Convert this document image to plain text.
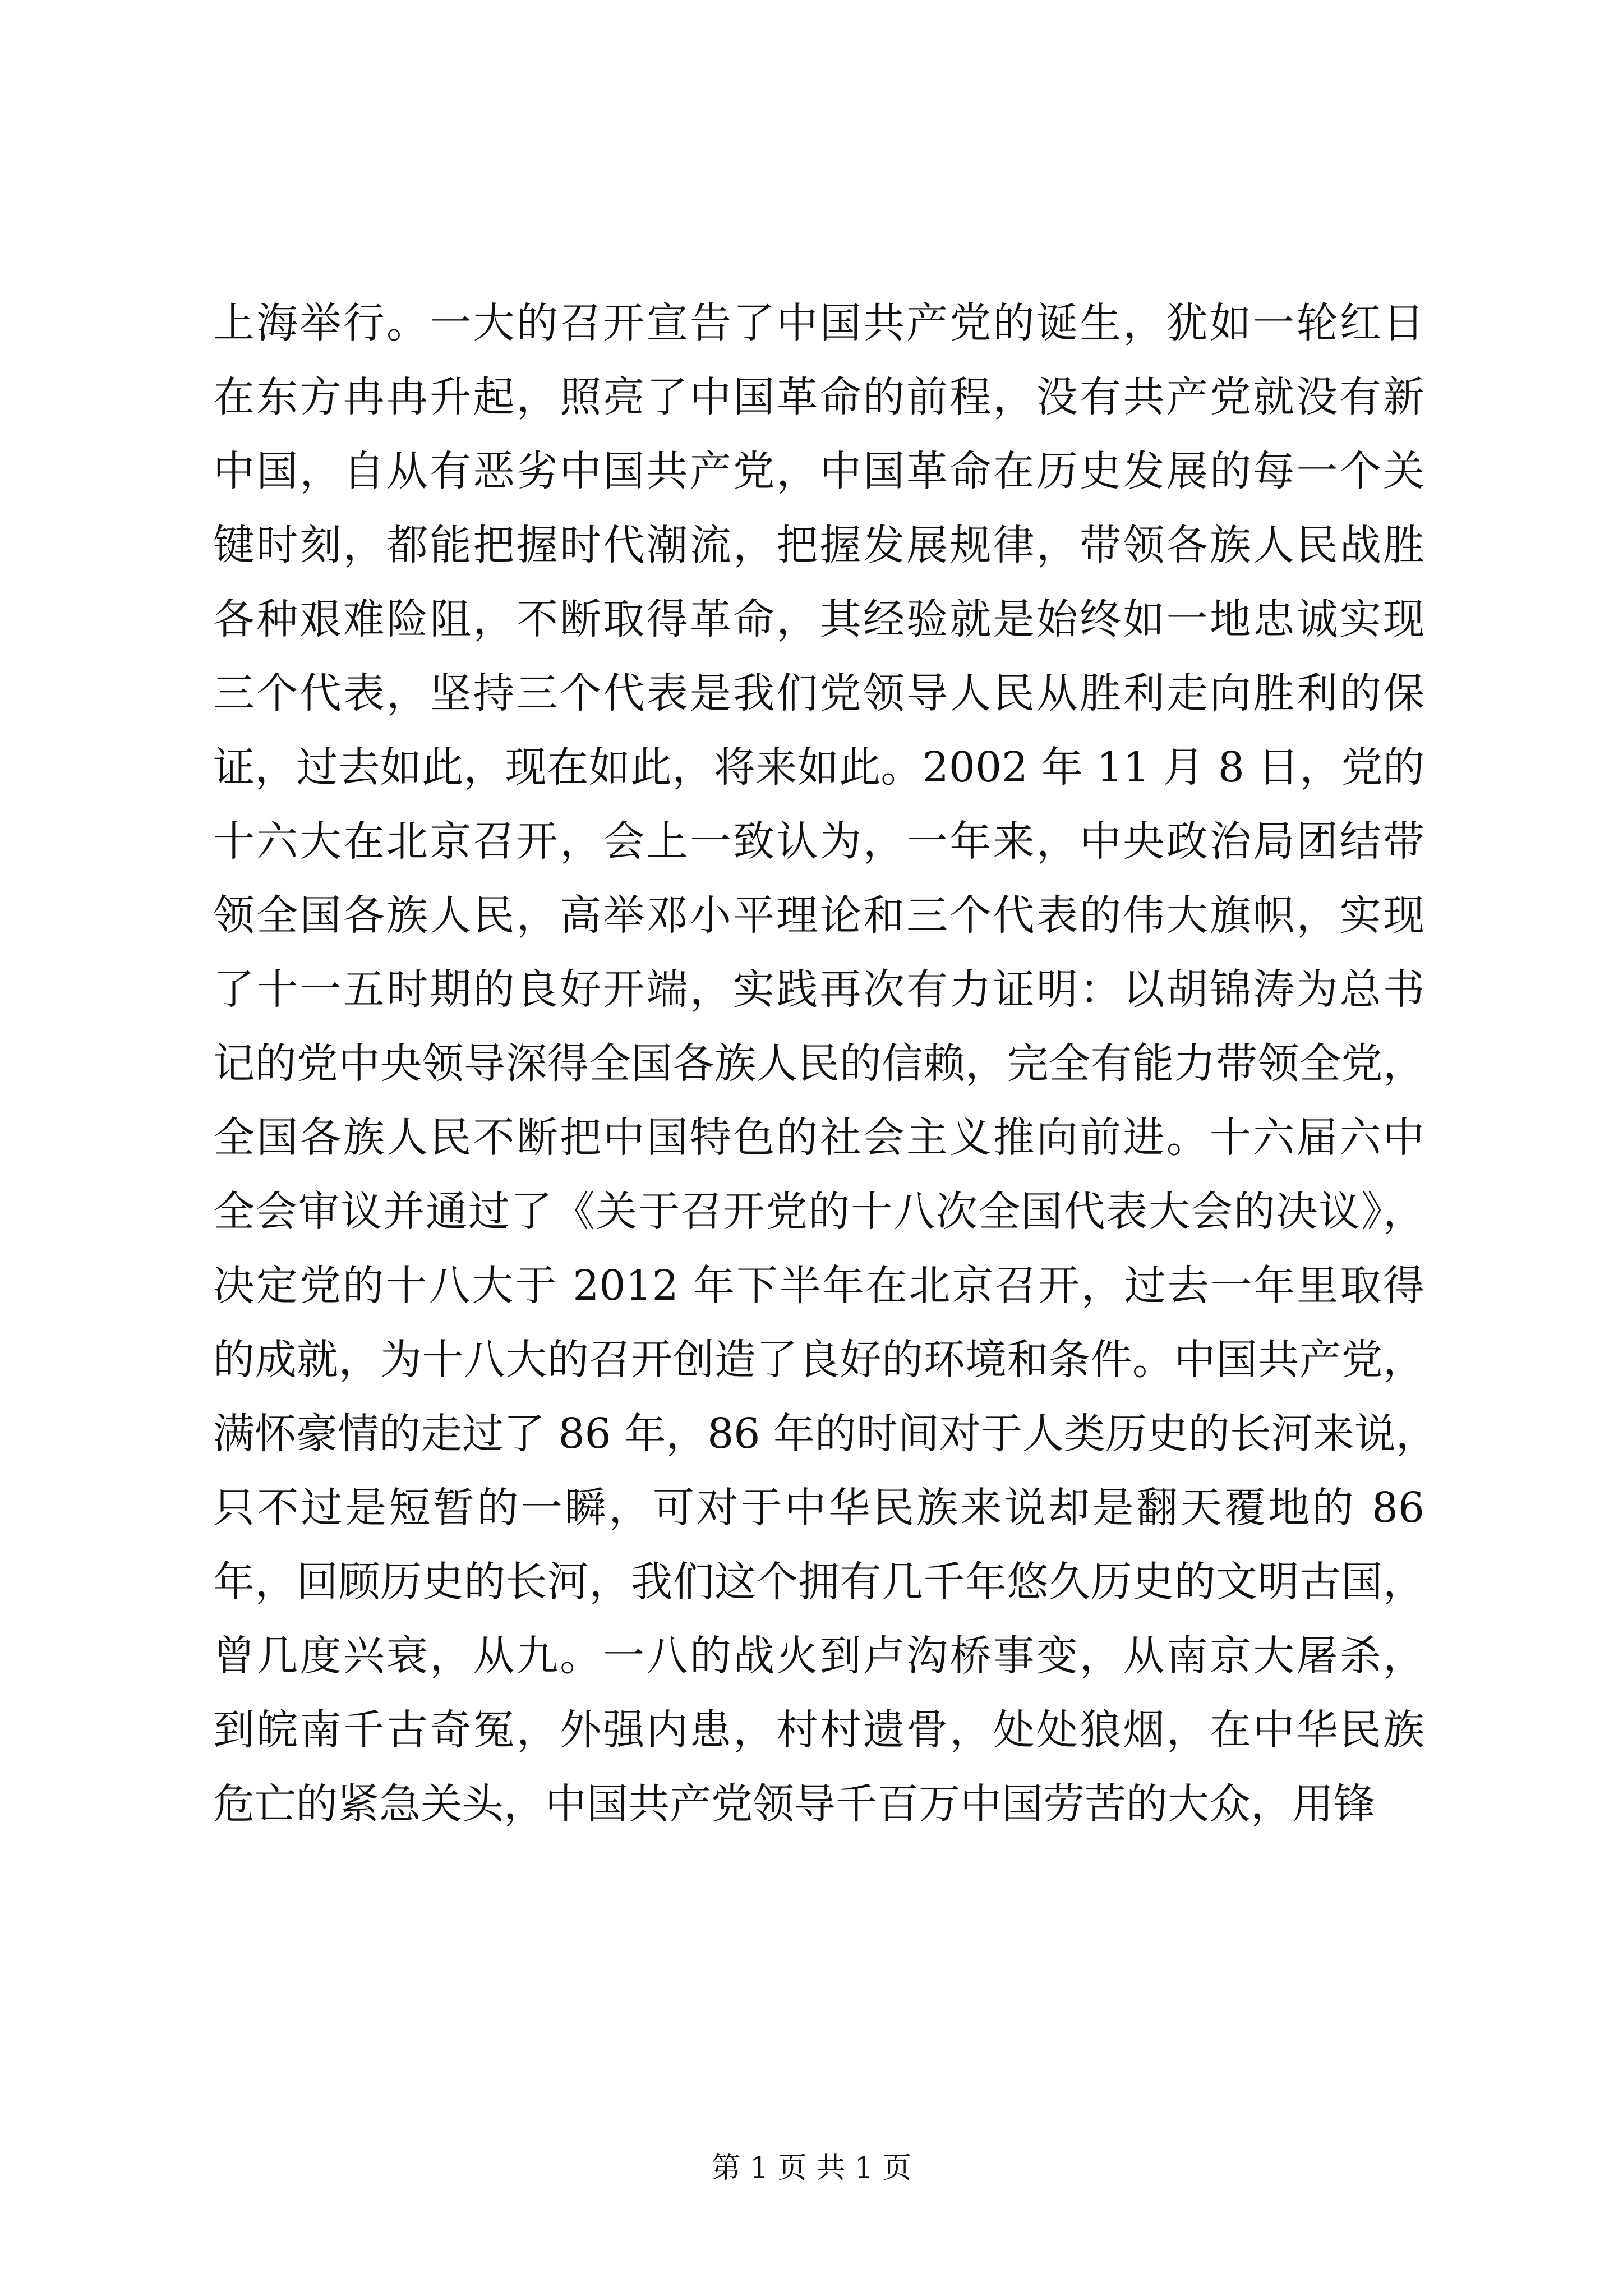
上海举行。一大的召开宣告了中国共产党的诞生，犹如一轮红日
在东方冉冉升起，照亮了中国革命的前程，没有共产党就没有新
中国，自从有恶劣中国共产党，中国革命在历史发展的每一个关
键时刻，都能把握时代潮流，把握发展规律，带领各族人民战胜
各种艰难险阻，不断取得革命，其经验就是始终如一地忠诚实现
三个代表，坚持三个代表是我们党领导人民从胜利走向胜利的保
证，过去如此，现在如此，将来如此。2002 年 11 月 8 日，党的
十六大在北京召开，会上一致认为，一年来，中央政治局团结带
领全国各族人民，高举邓小平理论和三个代表的伟大旗帜，实现
了十一五时期的良好开端，实践再次有力证明：以胡锦涛为总书
记的党中央领导深得全国各族人民的信赖，完全有能力带领全党，
全国各族人民不断把中国特色的社会主义推向前进。十六届六中
全会审议并通过了《关于召开党的十八次全国代表大会的决议》，
决定党的十八大于 2012 年下半年在北京召开，过去一年里取得
的成就，为十八大的召开创造了良好的环境和条件。中国共产党，
满怀豪情的走过了 86 年，86 年的时间对于人类历史的长河来说，
只不过是短暂的一瞬，可对于中华民族来说却是翻天覆地的 86
年，回顾历史的长河，我们这个拥有几千年悠久历史的文明古国，
曾几度兴衰，从九。一八的战火到卢沟桥事变，从南京大屠杀，
到皖南千古奇冤，外强内患，村村遗骨，处处狼烟，在中华民族
危亡的紧急关头，中国共产党领导千百万中国劳苦的大众，用锋
第 1 页 共 1 页
